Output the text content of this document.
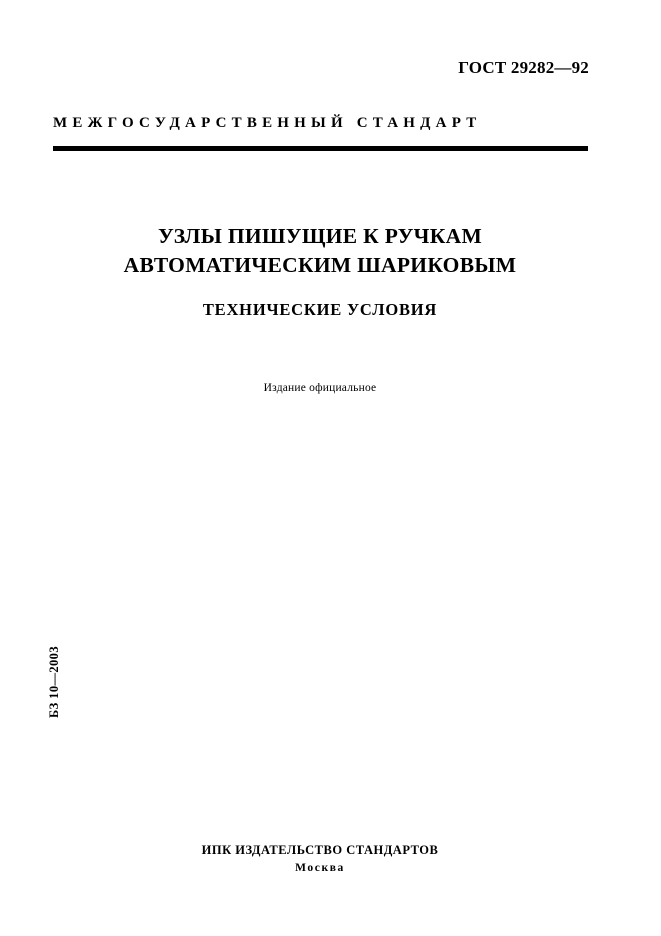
ГОСТ 29282—92
МЕЖГОСУДАРСТВЕННЫЙ СТАНДАРТ
УЗЛЫ ПИШУЩИЕ К РУЧКАМ
АВТОМАТИЧЕСКИМ ШАРИКОВЫМ
ТЕХНИЧЕСКИЕ УСЛОВИЯ
Издание официальное
БЗ 10—2003
ИПК ИЗДАТЕЛЬСТВО СТАНДАРТОВ
Москва
